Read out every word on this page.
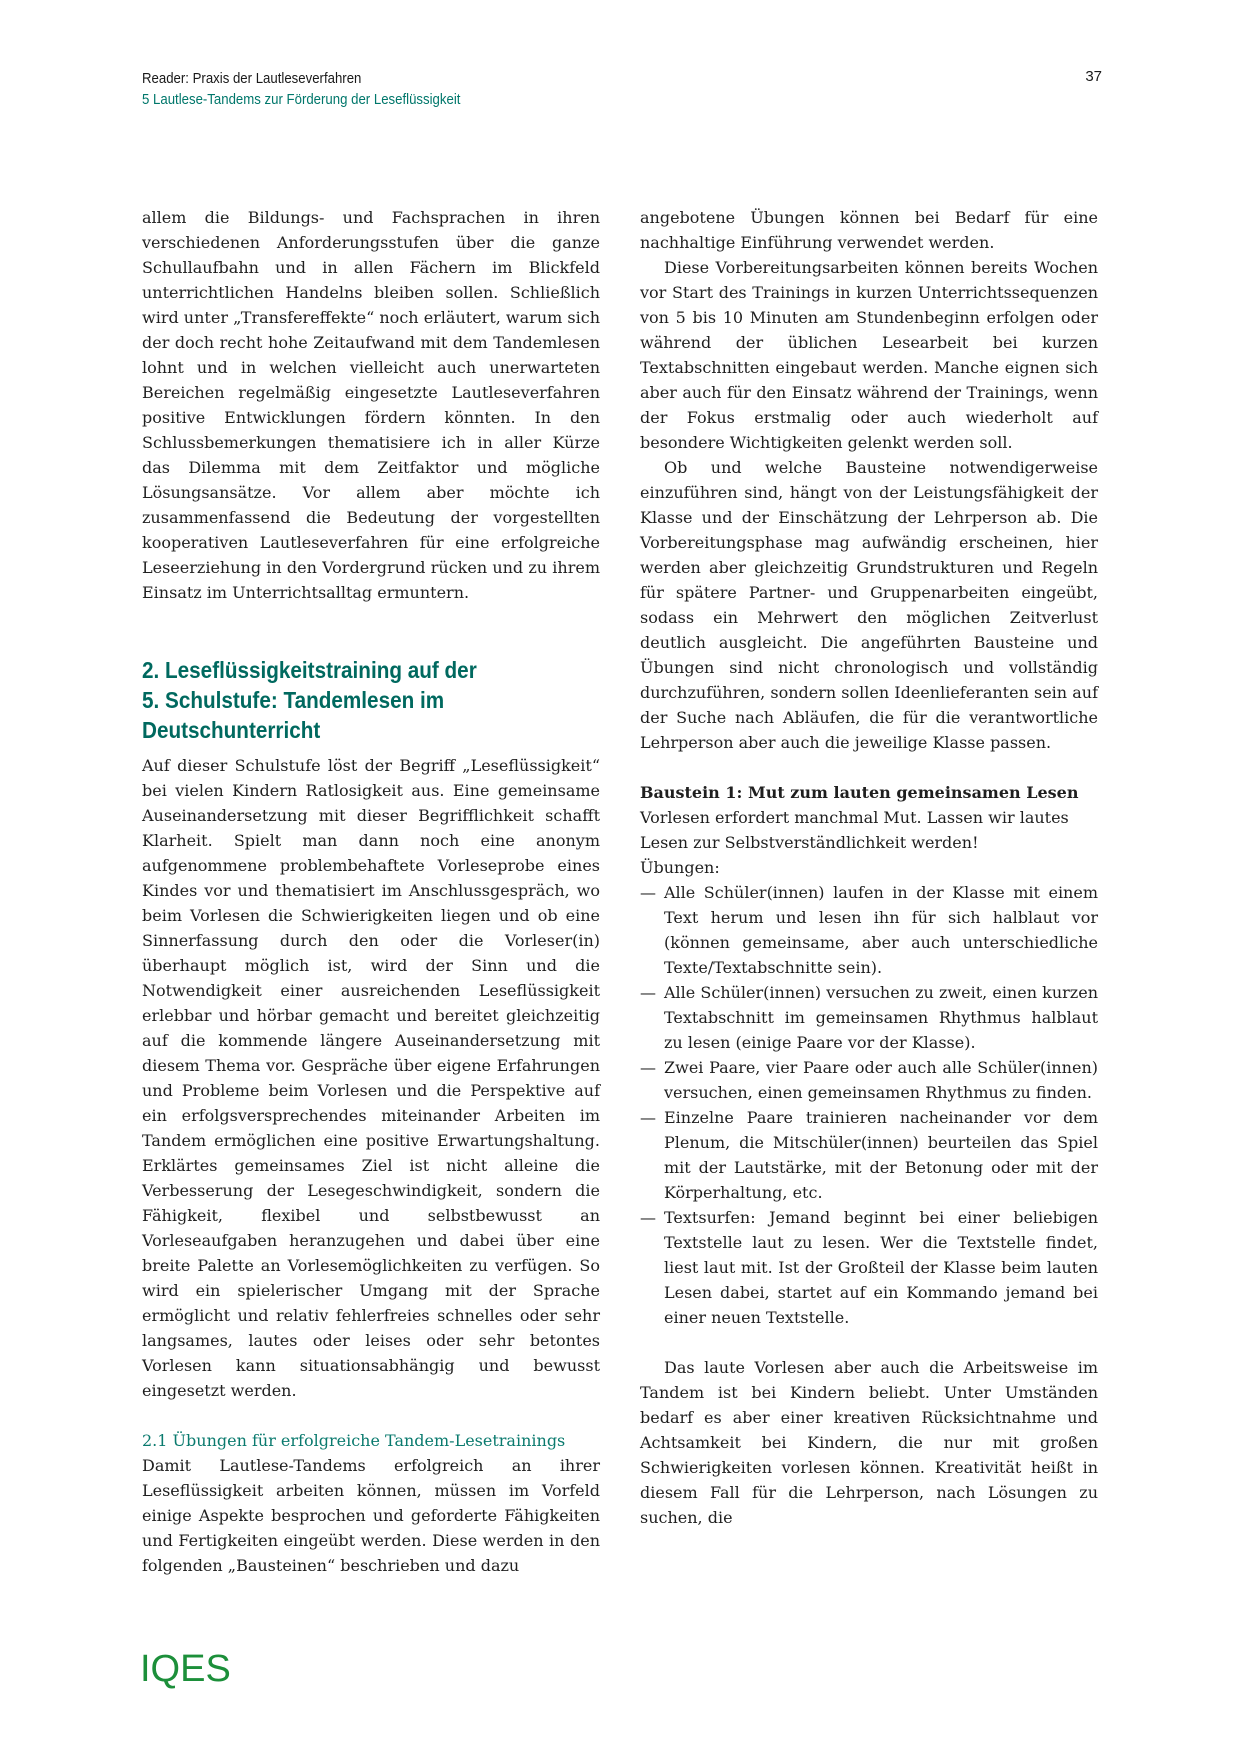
Reader: Praxis der Lautleseverfahren
5 Lautlese-Tandems zur Förderung der Leseflüssigkeit
37

allem die Bildungs- und Fachsprachen in ihren verschiedenen Anforderungsstufen über die ganze Schullaufbahn und in allen Fächern im Blickfeld unterrichtlichen Handelns bleiben sollen. Schließlich wird unter „Transfereffekte“ noch erläutert, warum sich der doch recht hohe Zeitaufwand mit dem Tandemlesen lohnt und in welchen vielleicht auch unerwarteten Bereichen regelmäßig eingesetzte Lautleseverfahren positive Entwicklungen fördern könnten. In den Schlussbemerkungen thematisiere ich in aller Kürze das Dilemma mit dem Zeitfaktor und mögliche Lösungsansätze. Vor allem aber möchte ich zusammenfassend die Bedeutung der vorgestellten kooperativen Lautleseverfahren für eine erfolgreiche Leseerziehung in den Vordergrund rücken und zu ihrem Einsatz im Unterrichtsalltag ermuntern.

2. Leseflüssigkeitstraining auf der
5. Schulstufe: Tandemlesen im
Deutschunterricht

Auf dieser Schulstufe löst der Begriff „Leseflüssigkeit“ bei vielen Kindern Ratlosigkeit aus. Eine gemeinsame Auseinandersetzung mit dieser Begrifflichkeit schafft Klarheit. Spielt man dann noch eine anonym aufgenommene problembehaftete Vorleseprobe eines Kindes vor und thematisiert im Anschlussgespräch, wo beim Vorlesen die Schwierigkeiten liegen und ob eine Sinnerfassung durch den oder die Vorleser(in) überhaupt möglich ist, wird der Sinn und die Notwendigkeit einer ausreichenden Leseflüssigkeit erlebbar und hörbar gemacht und bereitet gleichzeitig auf die kommende längere Auseinandersetzung mit diesem Thema vor. Gespräche über eigene Erfahrungen und Probleme beim Vorlesen und die Perspektive auf ein erfolgsversprechendes miteinander Arbeiten im Tandem ermöglichen eine positive Erwartungshaltung. Erklärtes gemeinsames Ziel ist nicht alleine die Verbesserung der Lesegeschwindigkeit, sondern die Fähigkeit, flexibel und selbstbewusst an Vorleseaufgaben heranzugehen und dabei über eine breite Palette an Vorlesemöglichkeiten zu verfügen. So wird ein spielerischer Umgang mit der Sprache ermöglicht und relativ fehlerfreies schnelles oder sehr langsames, lautes oder leises oder sehr betontes Vorlesen kann situationsabhängig und bewusst eingesetzt werden.

2.1 Übungen für erfolgreiche Tandem-Lesetrainings

Damit Lautlese-Tandems erfolgreich an ihrer Leseflüssigkeit arbeiten können, müssen im Vorfeld einige Aspekte besprochen und geforderte Fähigkeiten und Fertigkeiten eingeübt werden. Diese werden in den folgenden „Bausteinen“ beschrieben und dazu

angebotene Übungen können bei Bedarf für eine nachhaltige Einführung verwendet werden.

Diese Vorbereitungsarbeiten können bereits Wochen vor Start des Trainings in kurzen Unterrichtssequenzen von 5 bis 10 Minuten am Stundenbeginn erfolgen oder während der üblichen Lesearbeit bei kurzen Textabschnitten eingebaut werden. Manche eignen sich aber auch für den Einsatz während der Trainings, wenn der Fokus erstmalig oder auch wiederholt auf besondere Wichtigkeiten gelenkt werden soll.

Ob und welche Bausteine notwendigerweise einzuführen sind, hängt von der Leistungsfähigkeit der Klasse und der Einschätzung der Lehrperson ab. Die Vorbereitungsphase mag aufwändig erscheinen, hier werden aber gleichzeitig Grundstrukturen und Regeln für spätere Partner- und Gruppenarbeiten eingeübt, sodass ein Mehrwert den möglichen Zeitverlust deutlich ausgleicht. Die angeführten Bausteine und Übungen sind nicht chronologisch und vollständig durchzuführen, sondern sollen Ideenlieferanten sein auf der Suche nach Abläufen, die für die verantwortliche Lehrperson aber auch die jeweilige Klasse passen.

Baustein 1: Mut zum lauten gemeinsamen Lesen

Vorlesen erfordert manchmal Mut. Lassen wir lautes Lesen zur Selbstverständlichkeit werden!

Übungen:

— Alle Schüler(innen) laufen in der Klasse mit einem Text herum und lesen ihn für sich halblaut vor (können gemeinsame, aber auch unterschiedliche Texte/Textabschnitte sein).
— Alle Schüler(innen) versuchen zu zweit, einen kurzen Textabschnitt im gemeinsamen Rhythmus halblaut zu lesen (einige Paare vor der Klasse).
— Zwei Paare, vier Paare oder auch alle Schüler(innen) versuchen, einen gemeinsamen Rhythmus zu finden.
— Einzelne Paare trainieren nacheinander vor dem Plenum, die Mitschüler(innen) beurteilen das Spiel mit der Lautstärke, mit der Betonung oder mit der Körperhaltung, etc.
— Textsurfen: Jemand beginnt bei einer beliebigen Textstelle laut zu lesen. Wer die Textstelle findet, liest laut mit. Ist der Großteil der Klasse beim lauten Lesen dabei, startet auf ein Kommando jemand bei einer neuen Textstelle.

Das laute Vorlesen aber auch die Arbeitsweise im Tandem ist bei Kindern beliebt. Unter Umständen bedarf es aber einer kreativen Rücksichtnahme und Achtsamkeit bei Kindern, die nur mit großen Schwierigkeiten vorlesen können. Kreativität heißt in diesem Fall für die Lehrperson, nach Lösungen zu suchen, die

IQES
